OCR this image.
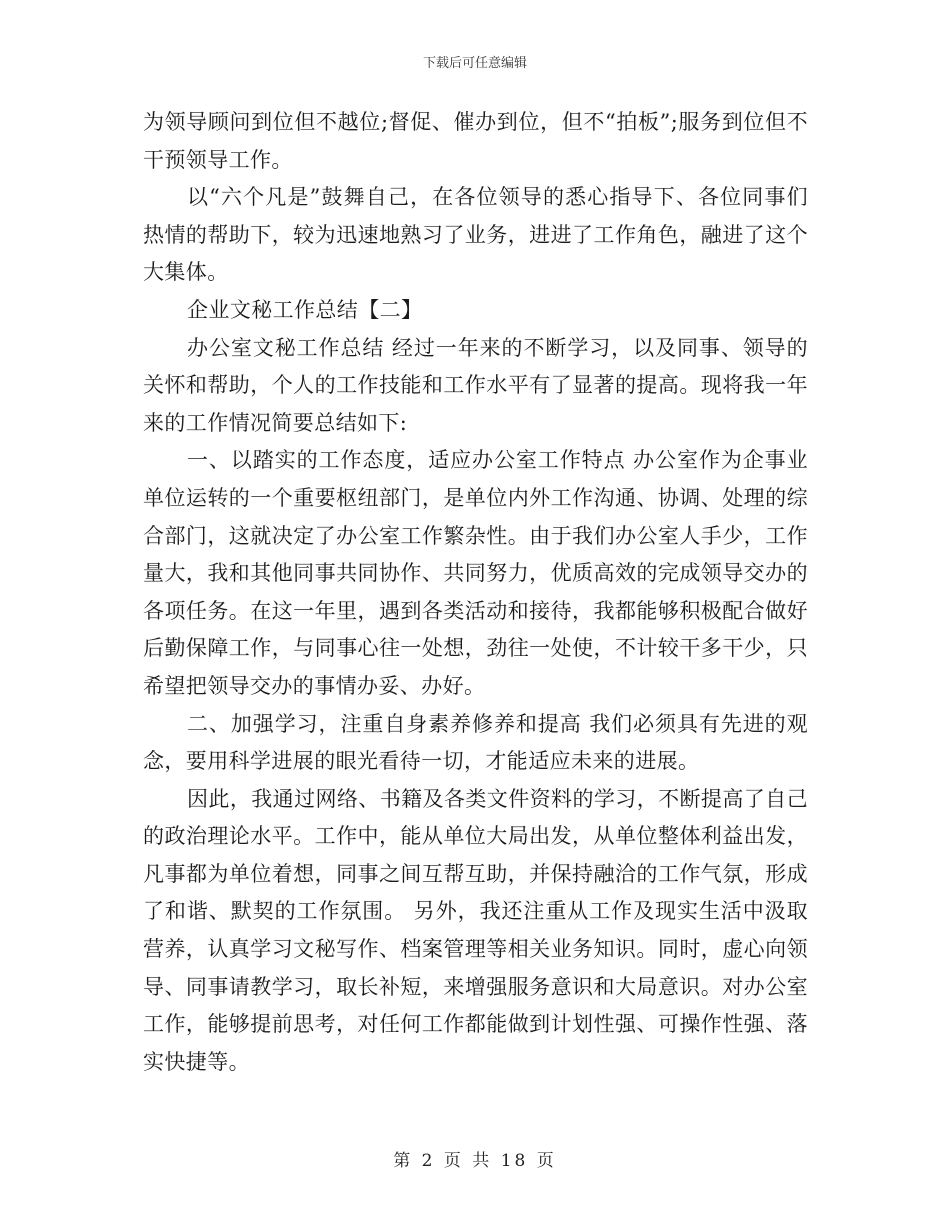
下载后可任意编辑

为领导顾问到位但不越位;督促、催办到位，但不“拍板”;服务到位但不干预领导工作。

以“六个凡是”鼓舞自己，在各位领导的悉心指导下、各位同事们热情的帮助下，较为迅速地熟习了业务，进进了工作角色，融进了这个大集体。

企业文秘工作总结【二】

办公室文秘工作总结 经过一年来的不断学习，以及同事、领导的关怀和帮助，个人的工作技能和工作水平有了显著的提高。现将我一年来的工作情况简要总结如下:

一、以踏实的工作态度，适应办公室工作特点 办公室作为企事业单位运转的一个重要枢纽部门，是单位内外工作沟通、协调、处理的综合部门，这就决定了办公室工作繁杂性。由于我们办公室人手少，工作量大，我和其他同事共同协作、共同努力，优质高效的完成领导交办的各项任务。在这一年里，遇到各类活动和接待，我都能够积极配合做好后勤保障工作，与同事心往一处想，劲往一处使，不计较干多干少，只希望把领导交办的事情办妥、办好。

二、加强学习，注重自身素养修养和提高 我们必须具有先进的观念，要用科学进展的眼光看待一切，才能适应未来的进展。

因此，我通过网络、书籍及各类文件资料的学习，不断提高了自己的政治理论水平。工作中，能从单位大局出发，从单位整体利益出发，凡事都为单位着想，同事之间互帮互助，并保持融洽的工作气氛，形成了和谐、默契的工作氛围。 另外，我还注重从工作及现实生活中汲取营养，认真学习文秘写作、档案管理等相关业务知识。同时，虚心向领导、同事请教学习，取长补短，来增强服务意识和大局意识。对办公室工作，能够提前思考，对任何工作都能做到计划性强、可操作性强、落实快捷等。

第 2 页 共 18 页
